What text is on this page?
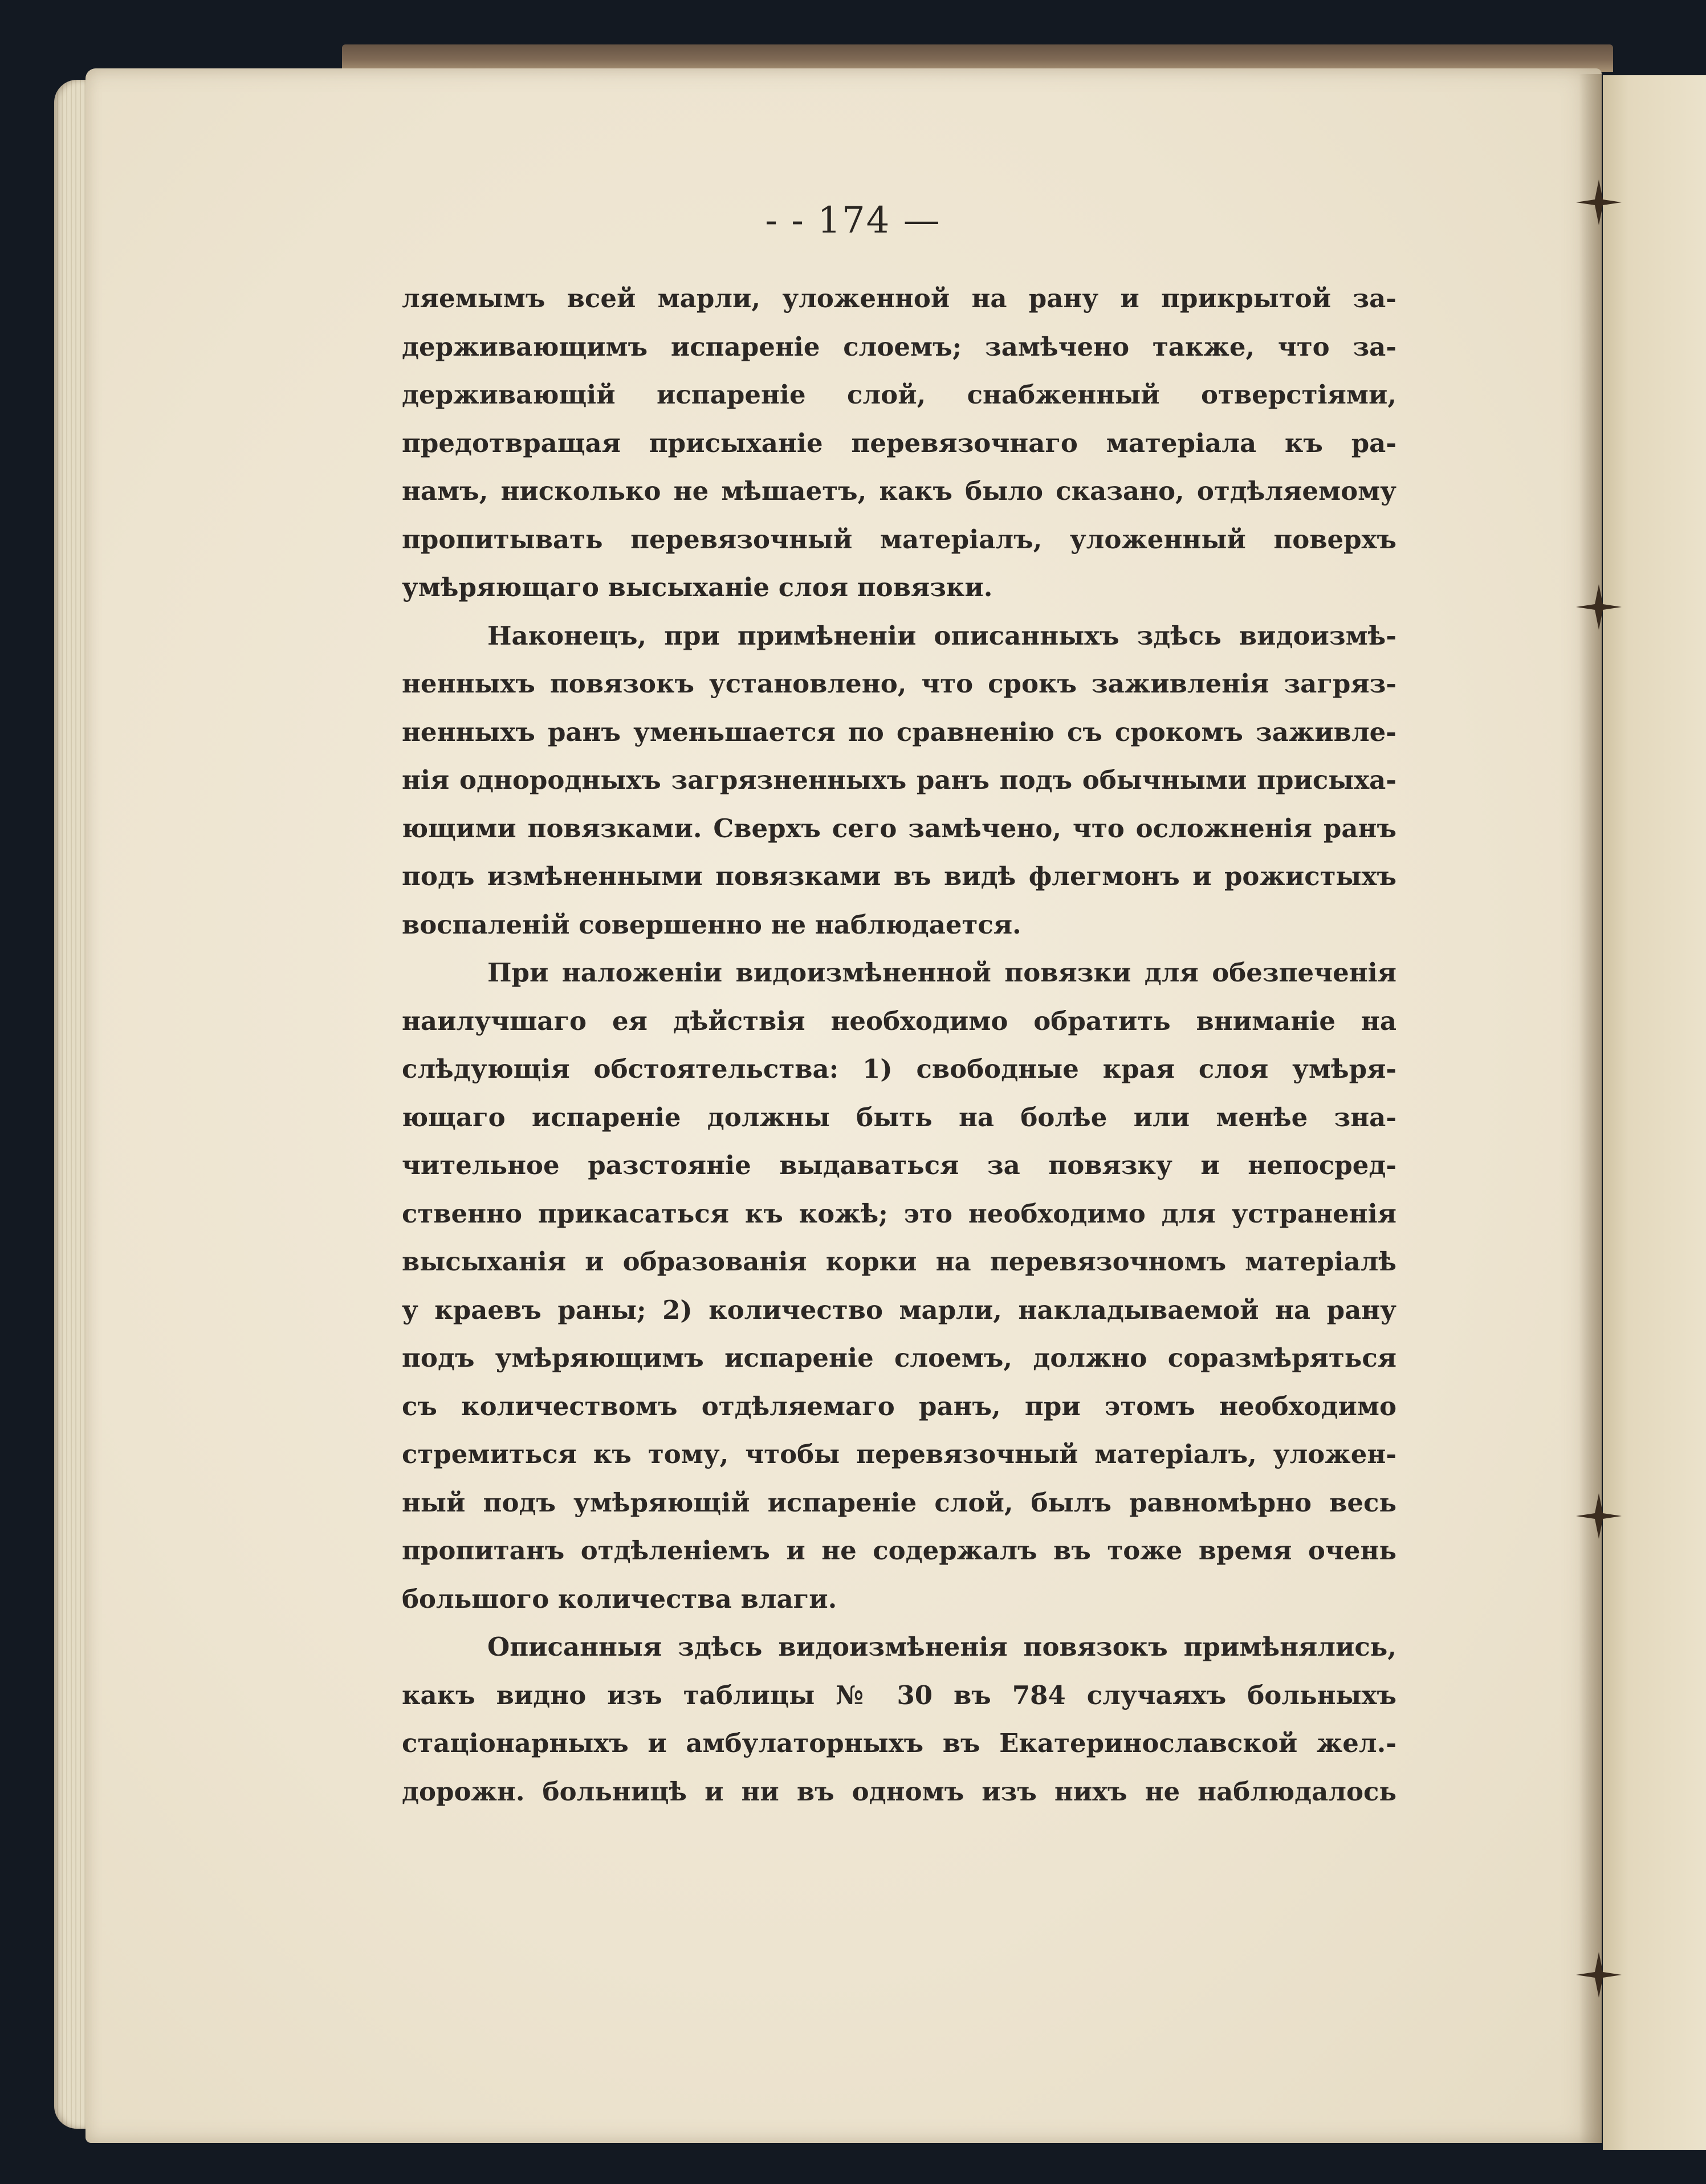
- - 174 —
ляемымъ всей марли, уложенной на рану и прикрытой за-
держивающимъ испареніе слоемъ; замѣчено также, что за-
держивающій испареніе слой, снабженный отверстіями,
предотвращая присыханіе перевязочнаго матеріала къ ра-
намъ, нисколько не мѣшаетъ, какъ было сказано, отдѣляемому
пропитывать перевязочный матеріалъ, уложенный поверхъ
умѣряющаго высыханіе слоя повязки.
Наконецъ, при примѣненіи описанныхъ здѣсь видоизмѣ-
ненныхъ повязокъ установлено, что срокъ заживленія загряз-
ненныхъ ранъ уменьшается по сравненію съ срокомъ заживле-
нія однородныхъ загрязненныхъ ранъ подъ обычными присыха-
ющими повязками. Сверхъ сего замѣчено, что осложненія ранъ
подъ измѣненными повязками въ видѣ флегмонъ и рожистыхъ
воспаленій совершенно не наблюдается.
При наложеніи видоизмѣненной повязки для обезпеченія
наилучшаго ея дѣйствія необходимо обратить вниманіе на
слѣдующія обстоятельства: 1) свободные края слоя умѣря-
ющаго испареніе должны быть на болѣе или менѣе зна-
чительное разстояніе выдаваться за повязку и непосред-
ственно прикасаться къ кожѣ; это необходимо для устраненія
высыханія и образованія корки на перевязочномъ матеріалѣ
у краевъ раны; 2) количество марли, накладываемой на рану
подъ умѣряющимъ испареніе слоемъ, должно соразмѣряться
съ количествомъ отдѣляемаго ранъ, при этомъ необходимо
стремиться къ тому, чтобы перевязочный матеріалъ, уложен-
ный подъ умѣряющій испареніе слой, былъ равномѣрно весь
пропитанъ отдѣленіемъ и не содержалъ въ тоже время очень
большого количества влаги.
Описанныя здѣсь видоизмѣненія повязокъ примѣнялись,
какъ видно изъ таблицы № 30 въ 784 случаяхъ больныхъ
стаціонарныхъ и амбулаторныхъ въ Екатеринославской жел.-
дорожн. больницѣ и ни въ одномъ изъ нихъ не наблюдалось
